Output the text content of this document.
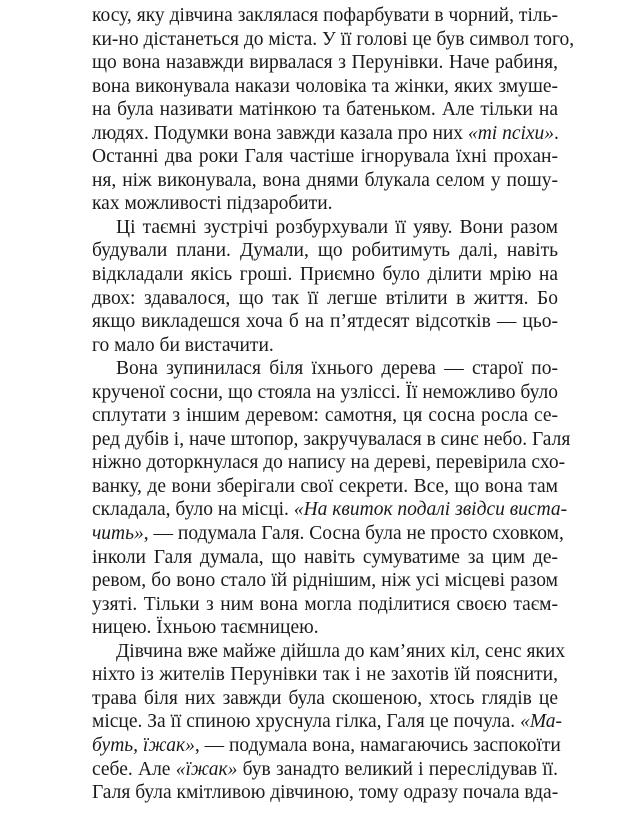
косу, яку дівчина заклялася пофарбувати в чорний, тіль-
ки-но дістанеться до міста. У її голові це був символ того,
що вона назавжди вирвалася з Перунівки. Наче рабиня,
вона виконувала накази чоловіка та жінки, яких змуше-
на була називати матінкою та батеньком. Але тільки на
людях. Подумки вона завжди казала про них «ті псіхи».
Останні два роки Галя частіше ігнорувала їхні прохан-
ня, ніж виконувала, вона днями блукала селом у пошу-
ках можливості підзаробити.
Ці таємні зустрічі розбурхували її уяву. Вони разом
будували плани. Думали, що робитимуть далі, навіть
відкладали якісь гроші. Приємно було ділити мрію на
двох: здавалося, що так її легше втілити в життя. Бо
якщо викладешся хоча б на п’ятдесят відсотків — цьо-
го мало би вистачити.
Вона зупинилася біля їхнього дерева — старої по-
крученої сосни, що стояла на узліссі. Її неможливо було
сплутати з іншим деревом: самотня, ця сосна росла се-
ред дубів і, наче штопор, закручувалася в синє небо. Галя
ніжно доторкнулася до напису на дереві, перевірила схо-
ванку, де вони зберігали свої секрети. Все, що вона там
складала, було на місці. «На квиток подалі звідси виста-
чить», — подумала Галя. Сосна була не просто сховком,
інколи Галя думала, що навіть сумуватиме за цим де-
ревом, бо воно стало їй ріднішим, ніж усі місцеві разом
узяті. Тільки з ним вона могла поділитися своєю таєм-
ницею. Їхньою таємницею.
Дівчина вже майже дійшла до кам’яних кіл, сенс яких
ніхто із жителів Перунівки так і не захотів їй пояснити,
трава біля них завжди була скошеною, хтось глядів це
місце. За її спиною хруснула гілка, Галя це почула. «Ма-
буть, їжак», — подумала вона, намагаючись заспокоїти
себе. Але «їжак» був занадто великий і переслідував її.
Галя була кмітливою дівчиною, тому одразу почала вда-
